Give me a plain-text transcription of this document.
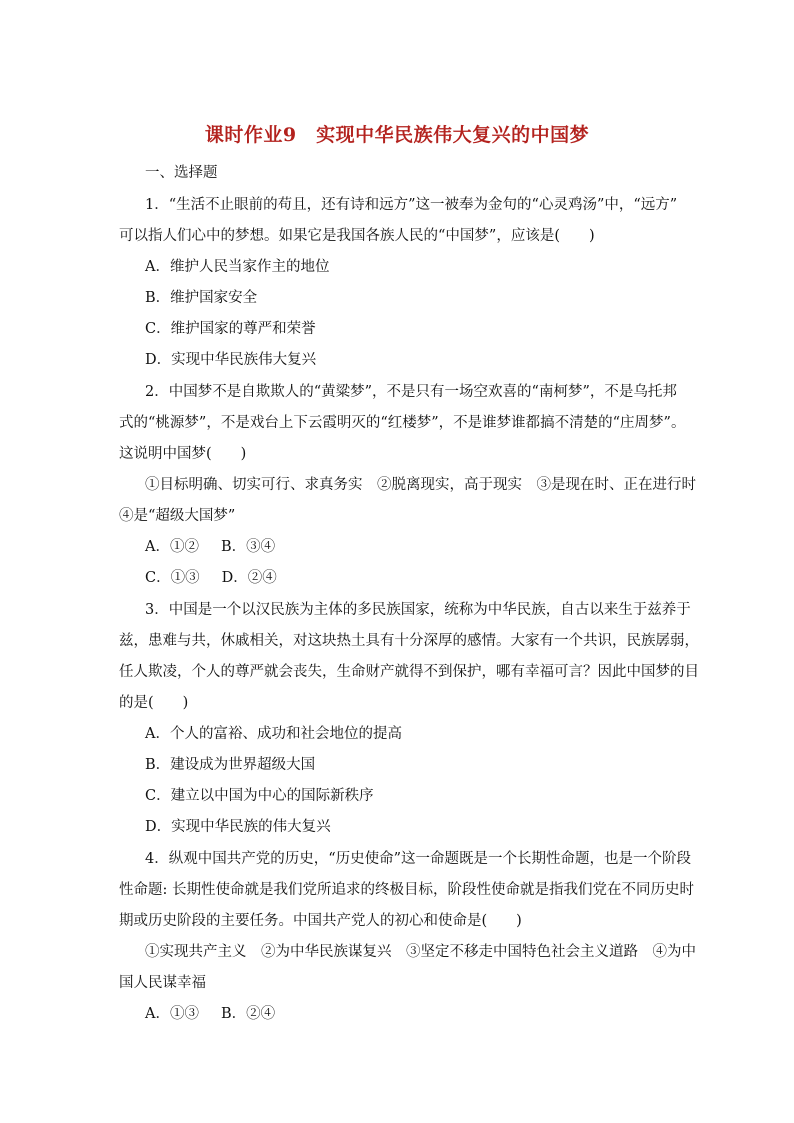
课时作业9　实现中华民族伟大复兴的中国梦
一、选择题
1．“生活不止眼前的苟且，还有诗和远方”这一被奉为金句的“心灵鸡汤”中，“远方”
可以指人们心中的梦想。如果它是我国各族人民的“中国梦”，应该是(　　)
A．维护人民当家作主的地位
B．维护国家安全
C．维护国家的尊严和荣誉
D．实现中华民族伟大复兴
2．中国梦不是自欺欺人的“黄粱梦”，不是只有一场空欢喜的“南柯梦”，不是乌托邦
式的“桃源梦”，不是戏台上下云霞明灭的“红楼梦”，不是谁梦谁都搞不清楚的“庄周梦”。
这说明中国梦(　　)
①目标明确、切实可行、求真务实　②脱离现实，高于现实　③是现在时、正在进行时
④是“超级大国梦”
A．①② B．③④
C．①③ D．②④
3．中国是一个以汉民族为主体的多民族国家，统称为中华民族，自古以来生于兹养于
兹，患难与共，休戚相关，对这块热土具有十分深厚的感情。大家有一个共识，民族孱弱，
任人欺凌，个人的尊严就会丧失，生命财产就得不到保护，哪有幸福可言？因此中国梦的目
的是(　　)
A．个人的富裕、成功和社会地位的提高
B．建设成为世界超级大国
C．建立以中国为中心的国际新秩序
D．实现中华民族的伟大复兴
4．纵观中国共产党的历史，“历史使命”这一命题既是一个长期性命题，也是一个阶段
性命题: 长期性使命就是我们党所追求的终极目标，阶段性使命就是指我们党在不同历史时
期或历史阶段的主要任务。中国共产党人的初心和使命是(　　)
①实现共产主义　②为中华民族谋复兴　③坚定不移走中国特色社会主义道路　④为中
国人民谋幸福
A．①③ B．②④
